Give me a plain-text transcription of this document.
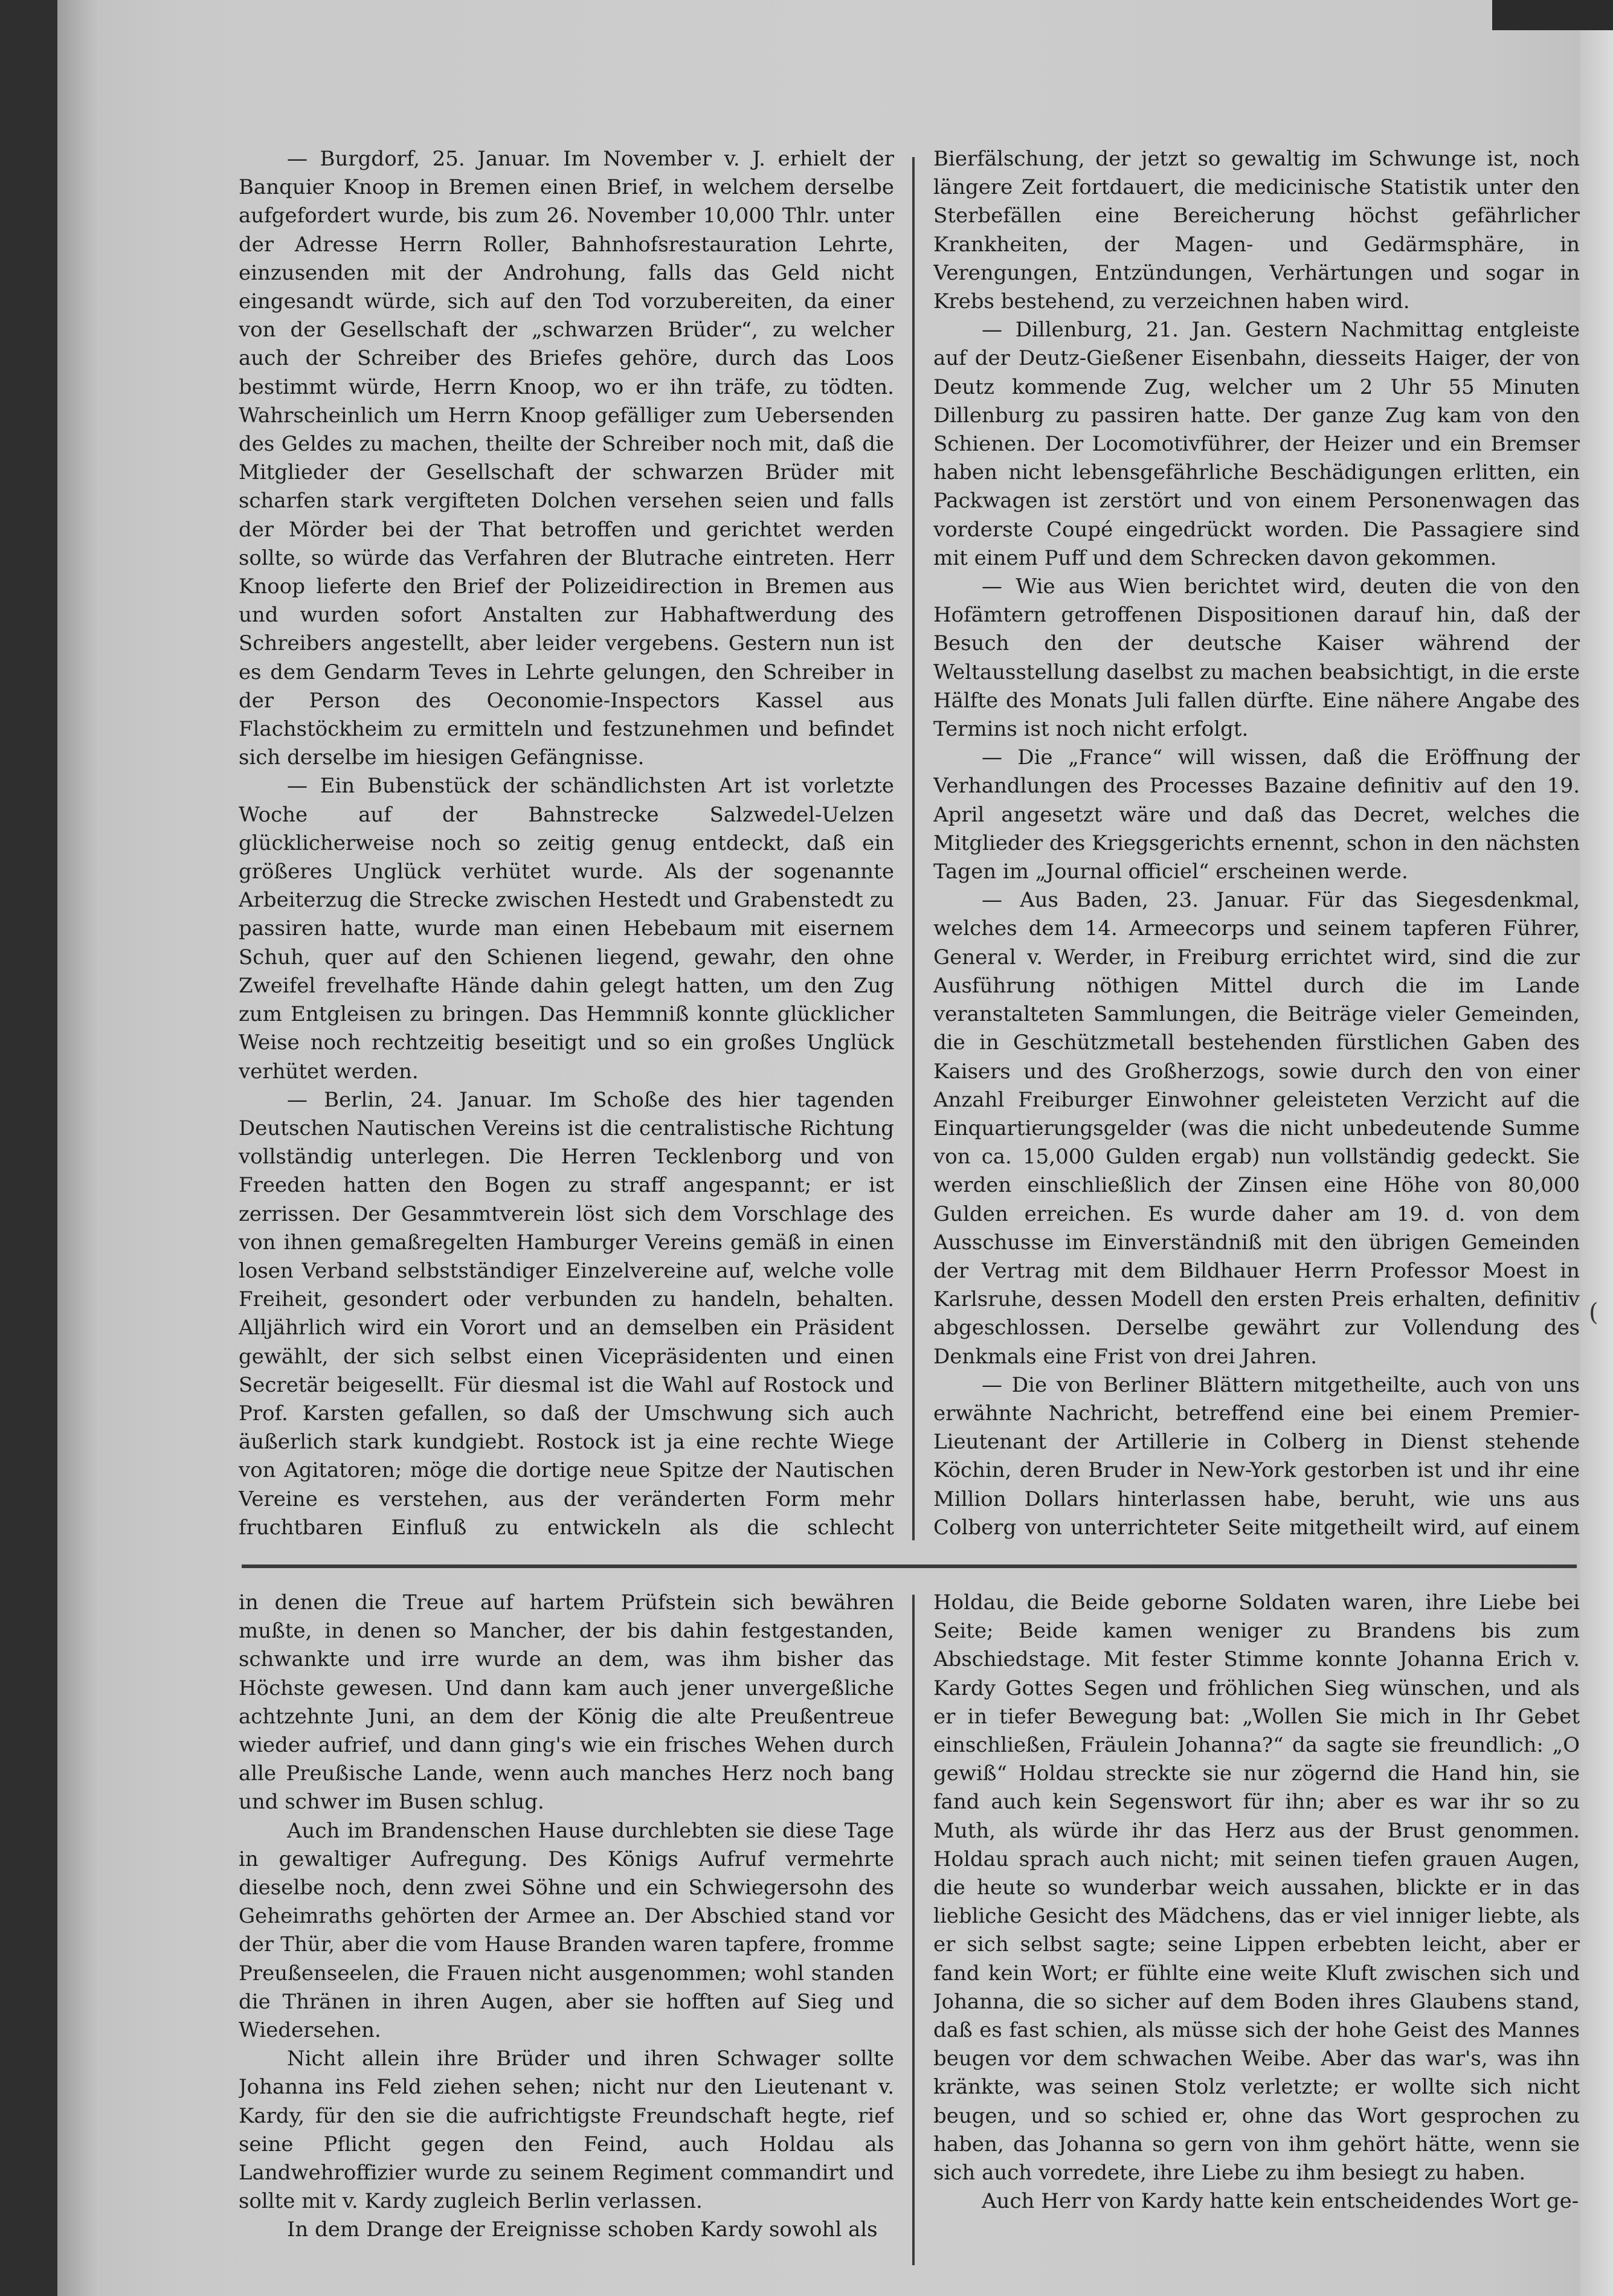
— Burgdorf, 25. Januar. Im November v. J. erhielt der Banquier Knoop in Bremen einen Brief, in welchem derselbe aufgefordert wurde, bis zum 26. November 10,000 Thlr. unter der Adresse Herrn Roller, Bahnhofsrestauration Lehrte, einzusenden mit der Androhung, falls das Geld nicht eingesandt würde, sich auf den Tod vorzubereiten, da einer von der Gesellschaft der „schwarzen Brüder“, zu welcher auch der Schreiber des Briefes gehöre, durch das Loos bestimmt würde, Herrn Knoop, wo er ihn träfe, zu tödten. Wahrscheinlich um Herrn Knoop gefälliger zum Uebersenden des Geldes zu machen, theilte der Schreiber noch mit, daß die Mitglieder der Gesellschaft der schwarzen Brüder mit scharfen stark vergifteten Dolchen versehen seien und falls der Mörder bei der That betroffen und gerichtet werden sollte, so würde das Verfahren der Blutrache eintreten. Herr Knoop lieferte den Brief der Polizeidirection in Bremen aus und wurden sofort Anstalten zur Habhaftwerdung des Schreibers angestellt, aber leider vergebens. Gestern nun ist es dem Gendarm Teves in Lehrte gelungen, den Schreiber in der Person des Oeconomie-Inspectors Kassel aus Flachstöckheim zu ermitteln und festzunehmen und befindet sich derselbe im hiesigen Gefängnisse.

— Ein Bubenstück der schändlichsten Art ist vorletzte Woche auf der Bahnstrecke Salzwedel-Uelzen glücklicherweise noch so zeitig genug entdeckt, daß ein größeres Unglück verhütet wurde. Als der sogenannte Arbeiterzug die Strecke zwischen Hestedt und Grabenstedt zu passiren hatte, wurde man einen Hebebaum mit eisernem Schuh, quer auf den Schienen liegend, gewahr, den ohne Zweifel frevelhafte Hände dahin gelegt hatten, um den Zug zum Entgleisen zu bringen. Das Hemmniß konnte glücklicher Weise noch rechtzeitig beseitigt und so ein großes Unglück verhütet werden.

— Berlin, 24. Januar. Im Schoße des hier tagenden Deutschen Nautischen Vereins ist die centralistische Richtung vollständig unterlegen. Die Herren Tecklenborg und von Freeden hatten den Bogen zu straff angespannt; er ist zerrissen. Der Gesammtverein löst sich dem Vorschlage des von ihnen gemaßregelten Hamburger Vereins gemäß in einen losen Verband selbstständiger Einzelvereine auf, welche volle Freiheit, gesondert oder verbunden zu handeln, behalten. Alljährlich wird ein Vorort und an demselben ein Präsident gewählt, der sich selbst einen Vicepräsidenten und einen Secretär beigesellt. Für diesmal ist die Wahl auf Rostock und Prof. Karsten gefallen, so daß der Umschwung sich auch äußerlich stark kundgiebt. Rostock ist ja eine rechte Wiege von Agitatoren; möge die dortige neue Spitze der Nautischen Vereine es verstehen, aus der veränderten Form mehr fruchtbaren Einfluß zu entwickeln als die schlecht

Bierfälschung, der jetzt so gewaltig im Schwunge ist, noch längere Zeit fortdauert, die medicinische Statistik unter den Sterbefällen eine Bereicherung höchst gefährlicher Krankheiten, der Magen- und Gedärmsphäre, in Verengungen, Entzündungen, Verhärtungen und sogar in Krebs bestehend, zu verzeichnen haben wird.

— Dillenburg, 21. Jan. Gestern Nachmittag entgleiste auf der Deutz-Gießener Eisenbahn, diesseits Haiger, der von Deutz kommende Zug, welcher um 2 Uhr 55 Minuten Dillenburg zu passiren hatte. Der ganze Zug kam von den Schienen. Der Locomotivführer, der Heizer und ein Bremser haben nicht lebensgefährliche Beschädigungen erlitten, ein Packwagen ist zerstört und von einem Personenwagen das vorderste Coupé eingedrückt worden. Die Passagiere sind mit einem Puff und dem Schrecken davon gekommen.

— Wie aus Wien berichtet wird, deuten die von den Hofämtern getroffenen Dispositionen darauf hin, daß der Besuch den der deutsche Kaiser während der Weltausstellung daselbst zu machen beabsichtigt, in die erste Hälfte des Monats Juli fallen dürfte. Eine nähere Angabe des Termins ist noch nicht erfolgt.

— Die „France“ will wissen, daß die Eröffnung der Verhandlungen des Processes Bazaine definitiv auf den 19. April angesetzt wäre und daß das Decret, welches die Mitglieder des Kriegsgerichts ernennt, schon in den nächsten Tagen im „Journal officiel“ erscheinen werde.

— Aus Baden, 23. Januar. Für das Siegesdenkmal, welches dem 14. Armeecorps und seinem tapferen Führer, General v. Werder, in Freiburg errichtet wird, sind die zur Ausführung nöthigen Mittel durch die im Lande veranstalteten Sammlungen, die Beiträge vieler Gemeinden, die in Geschützmetall bestehenden fürstlichen Gaben des Kaisers und des Großherzogs, sowie durch den von einer Anzahl Freiburger Einwohner geleisteten Verzicht auf die Einquartierungsgelder (was die nicht unbedeutende Summe von ca. 15,000 Gulden ergab) nun vollständig gedeckt. Sie werden einschließlich der Zinsen eine Höhe von 80,000 Gulden erreichen. Es wurde daher am 19. d. von dem Ausschusse im Einverständniß mit den übrigen Gemeinden der Vertrag mit dem Bildhauer Herrn Professor Moest in Karlsruhe, dessen Modell den ersten Preis erhalten, definitiv abgeschlossen. Derselbe gewährt zur Vollendung des Denkmals eine Frist von drei Jahren.

— Die von Berliner Blättern mitgetheilte, auch von uns erwähnte Nachricht, betreffend eine bei einem Premier-Lieutenant der Artillerie in Colberg in Dienst stehende Köchin, deren Bruder in New-York gestorben ist und ihr eine Million Dollars hinterlassen habe, beruht, wie uns aus Colberg von unterrichteter Seite mitgetheilt wird, auf einem

in denen die Treue auf hartem Prüfstein sich bewähren mußte, in denen so Mancher, der bis dahin festgestanden, schwankte und irre wurde an dem, was ihm bisher das Höchste gewesen. Und dann kam auch jener unvergeßliche achtzehnte Juni, an dem der König die alte Preußentreue wieder aufrief, und dann ging's wie ein frisches Wehen durch alle Preußische Lande, wenn auch manches Herz noch bang und schwer im Busen schlug.

Auch im Brandenschen Hause durchlebten sie diese Tage in gewaltiger Aufregung. Des Königs Aufruf vermehrte dieselbe noch, denn zwei Söhne und ein Schwiegersohn des Geheimraths gehörten der Armee an. Der Abschied stand vor der Thür, aber die vom Hause Branden waren tapfere, fromme Preußenseelen, die Frauen nicht ausgenommen; wohl standen die Thränen in ihren Augen, aber sie hofften auf Sieg und Wiedersehen.

Nicht allein ihre Brüder und ihren Schwager sollte Johanna ins Feld ziehen sehen; nicht nur den Lieutenant v. Kardy, für den sie die aufrichtigste Freundschaft hegte, rief seine Pflicht gegen den Feind, auch Holdau als Landwehroffizier wurde zu seinem Regiment commandirt und sollte mit v. Kardy zugleich Berlin verlassen.

In dem Drange der Ereignisse schoben Kardy sowohl als

Holdau, die Beide geborne Soldaten waren, ihre Liebe bei Seite; Beide kamen weniger zu Brandens bis zum Abschiedstage. Mit fester Stimme konnte Johanna Erich v. Kardy Gottes Segen und fröhlichen Sieg wünschen, und als er in tiefer Bewegung bat: „Wollen Sie mich in Ihr Gebet einschließen, Fräulein Johanna?“ da sagte sie freundlich: „O gewiß“ Holdau streckte sie nur zögernd die Hand hin, sie fand auch kein Segenswort für ihn; aber es war ihr so zu Muth, als würde ihr das Herz aus der Brust genommen. Holdau sprach auch nicht; mit seinen tiefen grauen Augen, die heute so wunderbar weich aussahen, blickte er in das liebliche Gesicht des Mädchens, das er viel inniger liebte, als er sich selbst sagte; seine Lippen erbebten leicht, aber er fand kein Wort; er fühlte eine weite Kluft zwischen sich und Johanna, die so sicher auf dem Boden ihres Glaubens stand, daß es fast schien, als müsse sich der hohe Geist des Mannes beugen vor dem schwachen Weibe. Aber das war's, was ihn kränkte, was seinen Stolz verletzte; er wollte sich nicht beugen, und so schied er, ohne das Wort gesprochen zu haben, das Johanna so gern von ihm gehört hätte, wenn sie sich auch vorredete, ihre Liebe zu ihm besiegt zu haben.

Auch Herr von Kardy hatte kein entscheidendes Wort ge-

(
